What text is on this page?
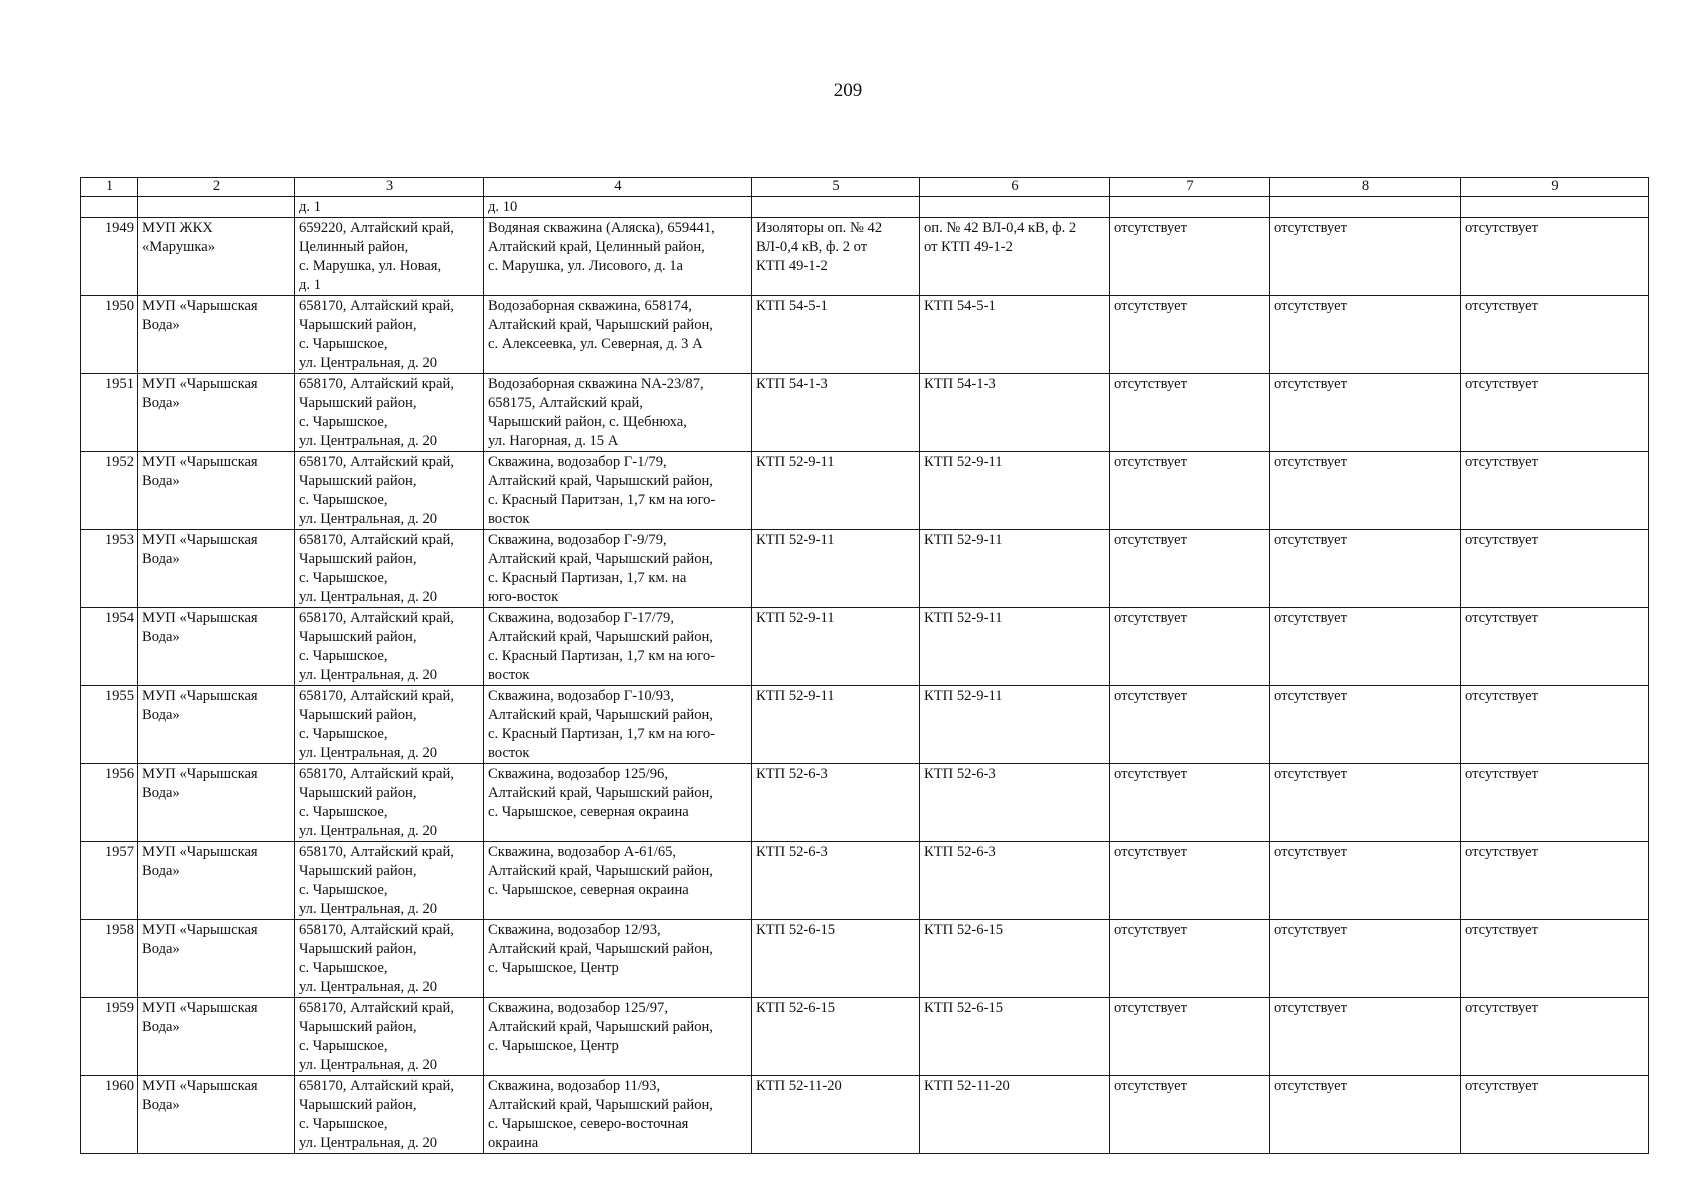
209
1	2	3	4	5	6	7	8	9
		д. 1	д. 10					
1949	МУП ЖКХ
«Марушка»	659220, Алтайский край,
Целинный район,
с. Марушка, ул. Новая,
д. 1	Водяная скважина (Аляска), 659441,
Алтайский край, Целинный район,
с. Марушка, ул. Лисового, д. 1а	Изоляторы оп. № 42
ВЛ-0,4 кВ, ф. 2 от
КТП 49-1-2	оп. № 42 ВЛ-0,4 кВ, ф. 2
от КТП 49-1-2	отсутствует	отсутствует	отсутствует
1950	МУП «Чарышская
Вода»	658170, Алтайский край,
Чарышский район,
с. Чарышское,
ул. Центральная, д. 20	Водозаборная скважина, 658174,
Алтайский край, Чарышский район,
с. Алексеевка, ул. Северная, д. 3 А	КТП 54-5-1	КТП 54-5-1	отсутствует	отсутствует	отсутствует
1951	МУП «Чарышская
Вода»	658170, Алтайский край,
Чарышский район,
с. Чарышское,
ул. Центральная, д. 20	Водозаборная скважина NA-23/87,
658175, Алтайский край,
Чарышский район, с. Щебнюха,
ул. Нагорная, д. 15 А	КТП 54-1-3	КТП 54-1-3	отсутствует	отсутствует	отсутствует
1952	МУП «Чарышская
Вода»	658170, Алтайский край,
Чарышский район,
с. Чарышское,
ул. Центральная, д. 20	Скважина, водозабор Г-1/79,
Алтайский край, Чарышский район,
с. Красный Паритзан, 1,7 км на юго-
восток	КТП 52-9-11	КТП 52-9-11	отсутствует	отсутствует	отсутствует
1953	МУП «Чарышская
Вода»	658170, Алтайский край,
Чарышский район,
с. Чарышское,
ул. Центральная, д. 20	Скважина, водозабор Г-9/79,
Алтайский край, Чарышский район,
с. Красный Партизан, 1,7 км. на
юго-восток	КТП 52-9-11	КТП 52-9-11	отсутствует	отсутствует	отсутствует
1954	МУП «Чарышская
Вода»	658170, Алтайский край,
Чарышский район,
с. Чарышское,
ул. Центральная, д. 20	Скважина, водозабор Г-17/79,
Алтайский край, Чарышский район,
с. Красный Партизан, 1,7 км на юго-
восток	КТП 52-9-11	КТП 52-9-11	отсутствует	отсутствует	отсутствует
1955	МУП «Чарышская
Вода»	658170, Алтайский край,
Чарышский район,
с. Чарышское,
ул. Центральная, д. 20	Скважина, водозабор Г-10/93,
Алтайский край, Чарышский район,
с. Красный Партизан, 1,7 км на юго-
восток	КТП 52-9-11	КТП 52-9-11	отсутствует	отсутствует	отсутствует
1956	МУП «Чарышская
Вода»	658170, Алтайский край,
Чарышский район,
с. Чарышское,
ул. Центральная, д. 20	Скважина, водозабор 125/96,
Алтайский край, Чарышский район,
с. Чарышское, северная окраина	КТП 52-6-3	КТП 52-6-3	отсутствует	отсутствует	отсутствует
1957	МУП «Чарышская
Вода»	658170, Алтайский край,
Чарышский район,
с. Чарышское,
ул. Центральная, д. 20	Скважина, водозабор А-61/65,
Алтайский край, Чарышский район,
с. Чарышское, северная окраина	КТП 52-6-3	КТП 52-6-3	отсутствует	отсутствует	отсутствует
1958	МУП «Чарышская
Вода»	658170, Алтайский край,
Чарышский район,
с. Чарышское,
ул. Центральная, д. 20	Скважина, водозабор 12/93,
Алтайский край, Чарышский район,
с. Чарышское, Центр	КТП 52-6-15	КТП 52-6-15	отсутствует	отсутствует	отсутствует
1959	МУП «Чарышская
Вода»	658170, Алтайский край,
Чарышский район,
с. Чарышское,
ул. Центральная, д. 20	Скважина, водозабор 125/97,
Алтайский край, Чарышский район,
с. Чарышское, Центр	КТП 52-6-15	КТП 52-6-15	отсутствует	отсутствует	отсутствует
1960	МУП «Чарышская
Вода»	658170, Алтайский край,
Чарышский район,
с. Чарышское,
ул. Центральная, д. 20	Скважина, водозабор 11/93,
Алтайский край, Чарышский район,
с. Чарышское, северо-восточная
окраина	КТП 52-11-20	КТП 52-11-20	отсутствует	отсутствует	отсутствует
